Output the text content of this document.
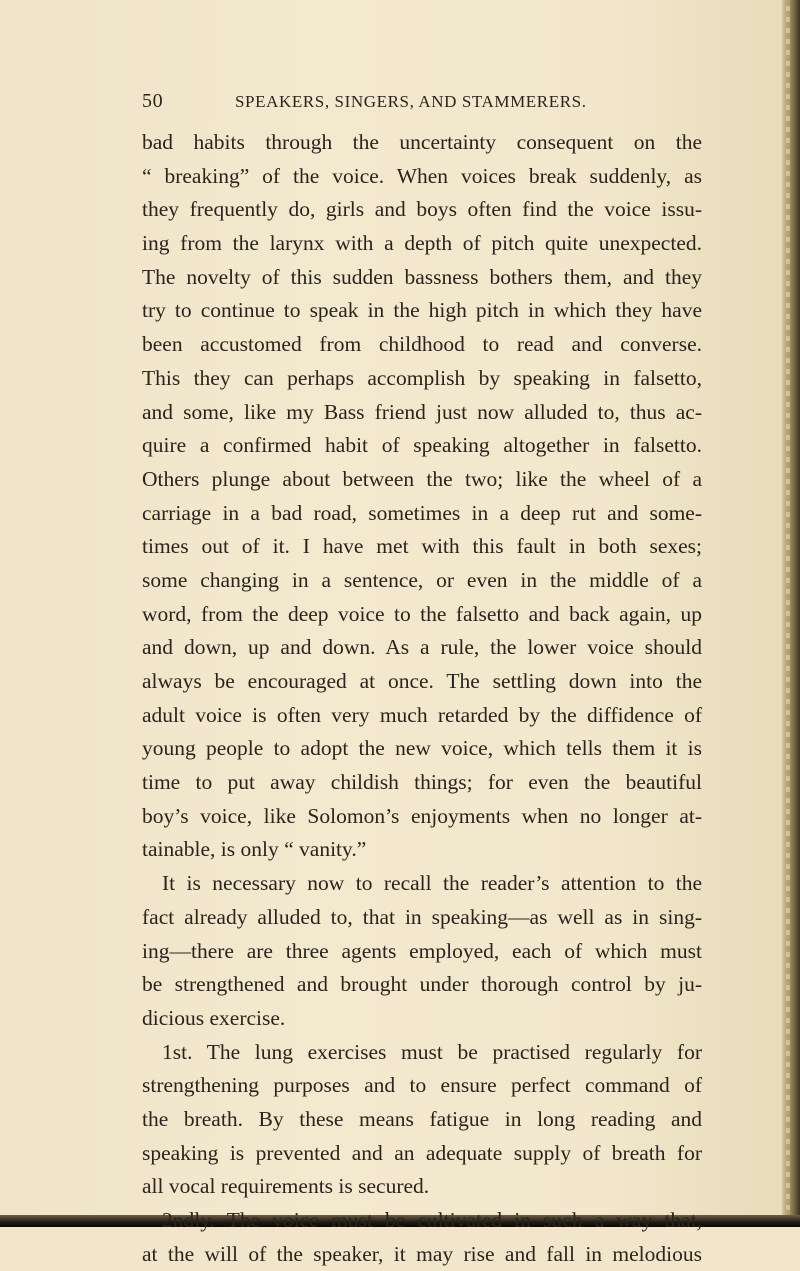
50	SPEAKERS, SINGERS, AND STAMMERERS.
bad habits through the uncertainty consequent on the
“ breaking” of the voice. When voices break suddenly, as
they frequently do, girls and boys often find the voice issu-
ing from the larynx with a depth of pitch quite unexpected.
The novelty of this sudden bassness bothers them, and they
try to continue to speak in the high pitch in which they have
been accustomed from childhood to read and converse.
This they can perhaps accomplish by speaking in falsetto,
and some, like my Bass friend just now alluded to, thus ac-
quire a confirmed habit of speaking altogether in falsetto.
Others plunge about between the two; like the wheel of a
carriage in a bad road, sometimes in a deep rut and some-
times out of it. I have met with this fault in both sexes;
some changing in a sentence, or even in the middle of a
word, from the deep voice to the falsetto and back again, up
and down, up and down. As a rule, the lower voice should
always be encouraged at once. The settling down into the
adult voice is often very much retarded by the diffidence of
young people to adopt the new voice, which tells them it is
time to put away childish things; for even the beautiful
boy’s voice, like Solomon’s enjoyments when no longer at-
tainable, is only “ vanity.”
It is necessary now to recall the reader’s attention to the
fact already alluded to, that in speaking—as well as in sing-
ing—there are three agents employed, each of which must
be strengthened and brought under thorough control by ju-
dicious exercise.
1st. The lung exercises must be practised regularly for
strengthening purposes and to ensure perfect command of
the breath. By these means fatigue in long reading and
speaking is prevented and an adequate supply of breath for
all vocal requirements is secured.
2ndly. The voice must be cultivated in such a way that,
at the will of the speaker, it may rise and fall in melodious
